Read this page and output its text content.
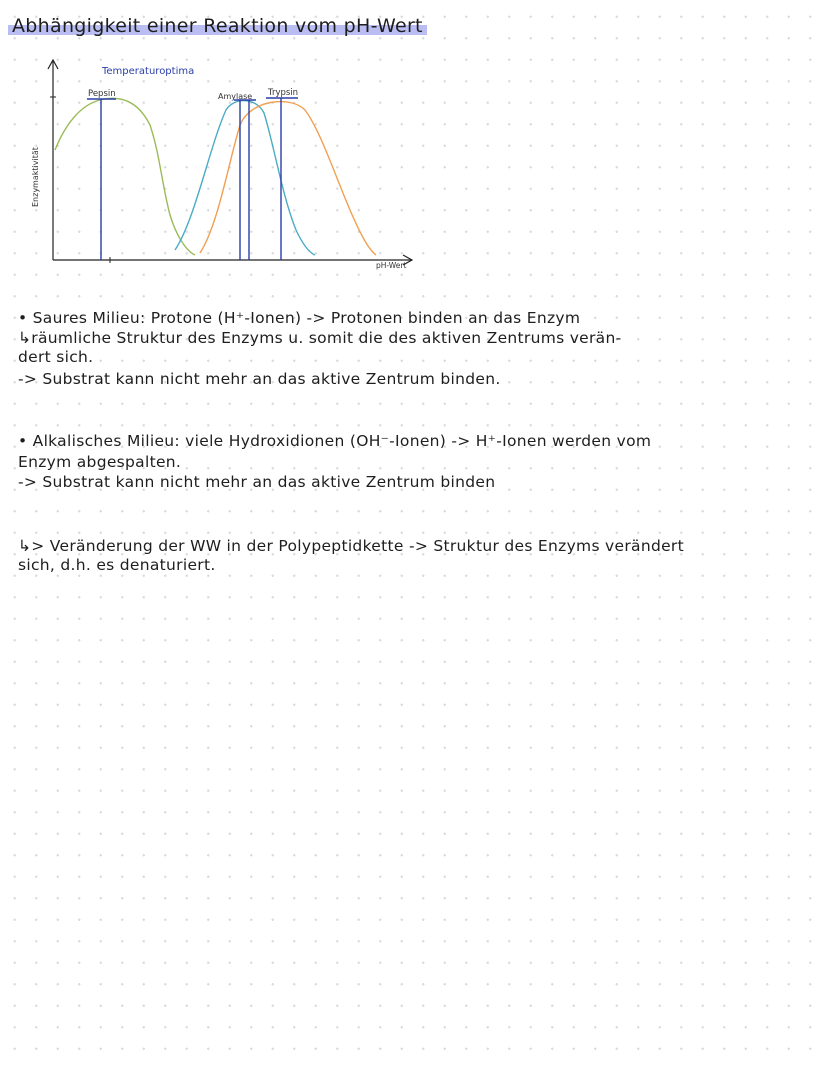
Abhängigkeit einer Reaktion vom pH-Wert
Temperaturoptima
Pepsin	Amylase Trypsin
pH-Wert
Enzymaktivität
• Saures Milieu: Protone (H⁺-Ionen) -> Protonen binden an das Enzym
↳räumliche Struktur des Enzyms u. somit die des aktiven Zentrums verän-
dert sich.
-> Substrat kann nicht mehr an das aktive Zentrum binden.
• Alkalisches Milieu: viele Hydroxidionen (OH⁻-Ionen) -> H⁺-Ionen werden vom
Enzym abgespalten.
-> Substrat kann nicht mehr an das aktive Zentrum binden
↳> Veränderung der WW in der Polypeptidkette -> Struktur des Enzyms verändert
sich, d.h. es denaturiert.
